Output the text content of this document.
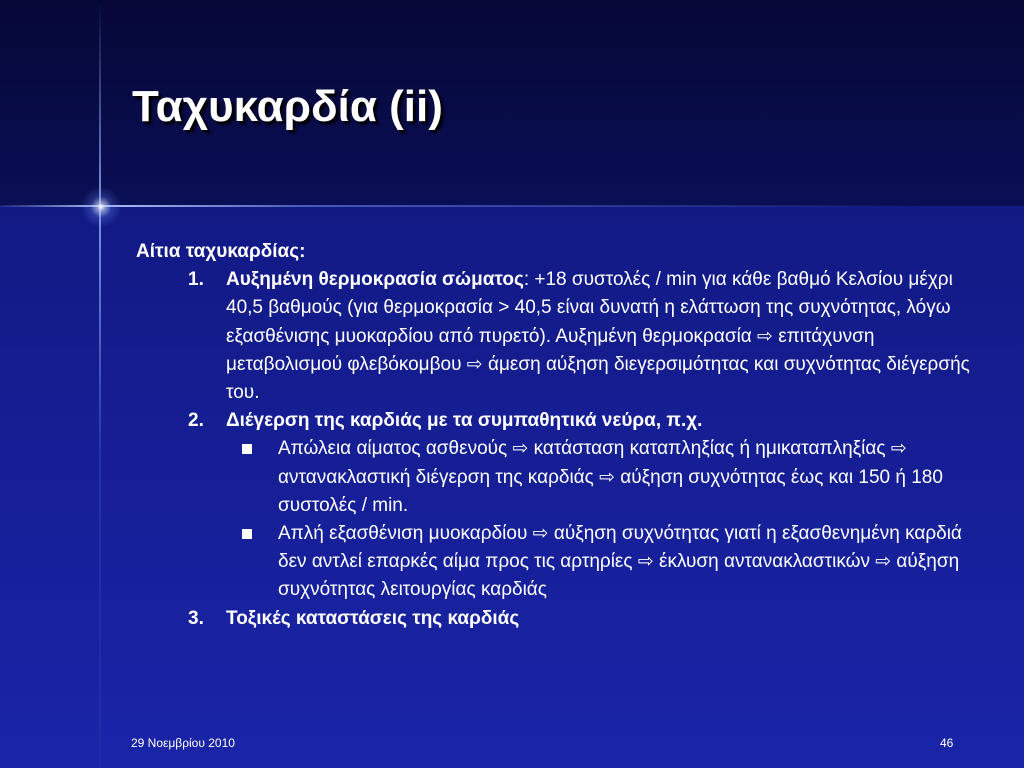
Ταχυκαρδία (ii)

Αίτια ταχυκαρδίας:

1.	Αυξημένη θερμοκρασία σώματος: +18 συστολές / min για κάθε βαθμό Κελσίου μέχρι 40,5 βαθμούς (για θερμοκρασία > 40,5 είναι δυνατή η ελάττωση της συχνότητας, λόγω εξασθένισης μυοκαρδίου από πυρετό). Αυξημένη θερμοκρασία ⇨ επιτάχυνση μεταβολισμού φλεβόκομβου ⇨ άμεση αύξηση διεγερσιμότητας και συχνότητας διέγερσής του.
2.	Διέγερση της καρδιάς με τα συμπαθητικά νεύρα, π.χ.
Απώλεια αίματος ασθενούς ⇨ κατάσταση καταπληξίας ή ημικαταπληξίας ⇨ αντανακλαστική διέγερση της καρδιάς ⇨ αύξηση συχνότητας έως και 150 ή 180 συστολές / min.
Απλή εξασθένιση μυοκαρδίου ⇨ αύξηση συχνότητας γιατί η εξασθενημένη καρδιά δεν αντλεί επαρκές αίμα προς τις αρτηρίες ⇨ έκλυση αντανακλαστικών ⇨ αύξηση συχνότητας λειτουργίας καρδιάς
3.	Τοξικές καταστάσεις της καρδιάς
29 Νοεμβρίου 2010	46
